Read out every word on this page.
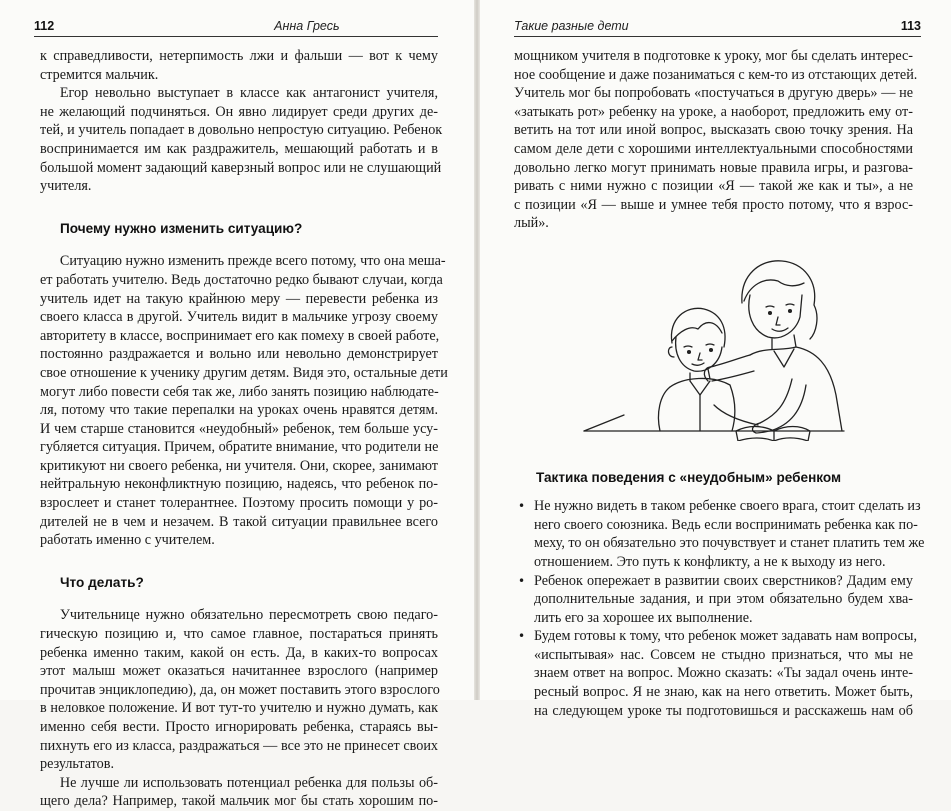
112	Анна Гресь

к справедливости, нетерпимость лжи и фальши — вот к чему
стремится мальчик.

Егор невольно выступает в классе как антагонист учителя,
не желающий подчиняться. Он явно лидирует среди других де-
тей, и учитель попадает в довольно непростую ситуацию. Ребенок
воспринимается им как раздражитель, мешающий работать и в
большой момент задающий каверзный вопрос или не слушающий
учителя.

Почему нужно изменить ситуацию?

Ситуацию нужно изменить прежде всего потому, что она меша-
ет работать учителю. Ведь достаточно редко бывают случаи, когда
учитель идет на такую крайнюю меру — перевести ребенка из
своего класса в другой. Учитель видит в мальчике угрозу своему
авторитету в классе, воспринимает его как помеху в своей работе,
постоянно раздражается и вольно или невольно демонстрирует
свое отношение к ученику другим детям. Видя это, остальные дети
могут либо повести себя так же, либо занять позицию наблюдате-
ля, потому что такие перепалки на уроках очень нравятся детям.
И чем старше становится «неудобный» ребенок, тем больше усу-
губляется ситуация. Причем, обратите внимание, что родители не
критикуют ни своего ребенка, ни учителя. Они, скорее, занимают
нейтральную неконфликтную позицию, надеясь, что ребенок по-
взрослеет и станет толерантнее. Поэтому просить помощи у ро-
дителей не в чем и незачем. В такой ситуации правильнее всего
работать именно с учителем.

Что делать?

Учительнице нужно обязательно пересмотреть свою педаго-
гическую позицию и, что самое главное, постараться принять
ребенка именно таким, какой он есть. Да, в каких-то вопросах
этот малыш может оказаться начитаннее взрослого (например
прочитав энциклопедию), да, он может поставить этого взрослого
в неловкое положение. И вот тут-то учителю и нужно думать, как
именно себя вести. Просто игнорировать ребенка, стараясь вы-
пихнуть его из класса, раздражаться — все это не принесет своих
результатов.

Не лучше ли использовать потенциал ребенка для пользы об-
щего дела? Например, такой мальчик мог бы стать хорошим по-

Такие разные дети	113

мощником учителя в подготовке к уроку, мог бы сделать интерес-
ное сообщение и даже позаниматься с кем-то из отстающих детей.
Учитель мог бы попробовать «постучаться в другую дверь» — не
«затыкать рот» ребенку на уроке, а наоборот, предложить ему от-
ветить на тот или иной вопрос, высказать свою точку зрения. На
самом деле дети с хорошими интеллектуальными способностями
довольно легко могут принимать новые правила игры, и разгова-
ривать с ними нужно с позиции «Я — такой же как и ты», а не
с позиции «Я — выше и умнее тебя просто потому, что я взрос-
лый».

Тактика поведения с «неудобным» ребенком
• Не нужно видеть в таком ребенке своего врага, стоит сделать из
него своего союзника. Ведь если воспринимать ребенка как по-
меху, то он обязательно это почувствует и станет платить тем же
отношением. Это путь к конфликту, а не к выходу из него.
• Ребенок опережает в развитии своих сверстников? Дадим ему
дополнительные задания, и при этом обязательно будем хва-
лить его за хорошее их выполнение.
• Будем готовы к тому, что ребенок может задавать нам вопросы,
«испытывая» нас. Совсем не стыдно признаться, что мы не
знаем ответ на вопрос. Можно сказать: «Ты задал очень инте-
ресный вопрос. Я не знаю, как на него ответить. Может быть,
на следующем уроке ты подготовишься и расскажешь нам об
